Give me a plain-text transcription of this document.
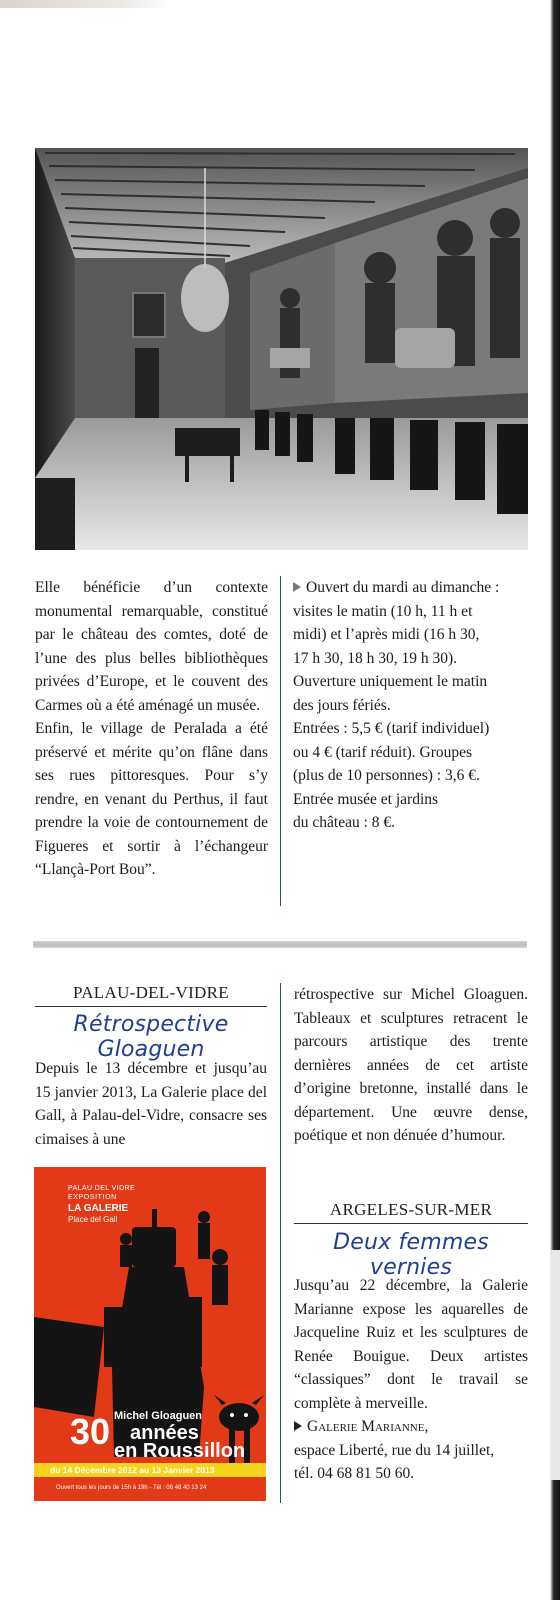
Elle bénéficie d’un contexte monumental remarquable, constitué par le château des comtes, doté de l’une des plus belles bibliothèques privées d’Europe, et le couvent des Carmes où a été aménagé un musée.

Enfin, le village de Peralada a été préservé et mérite qu’on flâne dans ses rues pittoresques. Pour s’y rendre, en venant du Perthus, il faut prendre la voie de contournement de Figueres et sortir à l’échangeur “Llançà-Port Bou”.

Ouvert du mardi au dimanche :

visites le matin (10 h, 11 h et

midi) et l’après midi (16 h 30,

17 h 30, 18 h 30, 19 h 30).

Ouverture uniquement le matin

des jours fériés.

Entrées : 5,5 € (tarif individuel)

ou 4 € (tarif réduit). Groupes

(plus de 10 personnes) : 3,6 €.

Entrée musée et jardins

du château : 8 €.

PALAU-DEL-VIDRE
Rétrospective Gloaguen

Depuis le 13 décembre et jusqu’au 15 janvier 2013, La Galerie place del Gall, à Palau-del-Vidre, consacre ses cimaises à une

rétrospective sur Michel Gloaguen. Tableaux et sculptures retracent le parcours artistique des trente dernières années de cet artiste d’origine bretonne, installé dans le département. Une œuvre dense, poétique et non dénuée d’humour.

PALAU DEL VIDRE
EXPOSITION
LA GALERIE
Place del Gall
Michel Gloaguen
30 années
en Roussillon
du 14 Décembre 2012 au 13 Janvier 2013
Ouvert tous les jours de 15h à 19h - Tél : 06 48 40 13 24
ARGELES-SUR-MER
Deux femmes vernies

Jusqu’au 22 décembre, la Galerie Marianne expose les aquarelles de Jacqueline Ruiz et les sculptures de Renée Bouigue. Deux artistes “classiques” dont le travail se complète à merveille.

Galerie Marianne,

espace Liberté, rue du 14 juillet,

tél. 04 68 81 50 60.
